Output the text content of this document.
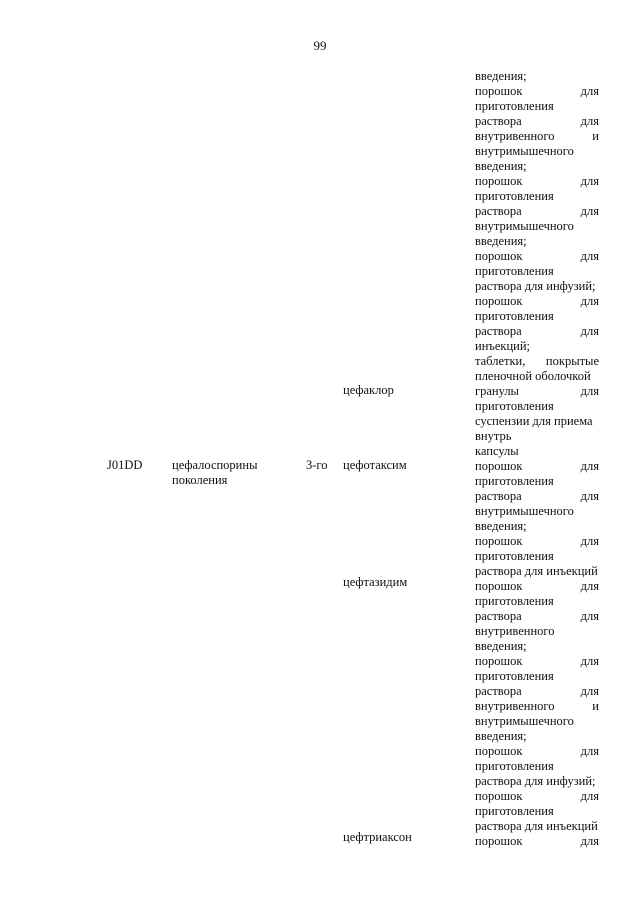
99
J01DD цефалоспорины
поколения
3-го
цефаклор
цефотаксим
цефтазидим
цефтриаксон
введения;
порошок для
приготовления
раствора для
внутривенного и
внутримышечного
введения;
порошок для
приготовления
раствора для
внутримышечного
введения;
порошок для
приготовления
раствора для инфузий;
порошок для
приготовления
раствора для
инъекций;
таблетки, покрытые
пленочной оболочкой
гранулы для
приготовления
суспензии для приема
внутрь
капсулы
порошок для
приготовления
раствора для
внутримышечного
введения;
порошок для
приготовления
раствора для инъекций
порошок для
приготовления
раствора для
внутривенного
введения;
порошок для
приготовления
раствора для
внутривенного и
внутримышечного
введения;
порошок для
приготовления
раствора для инфузий;
порошок для
приготовления
раствора для инъекций
порошок для
